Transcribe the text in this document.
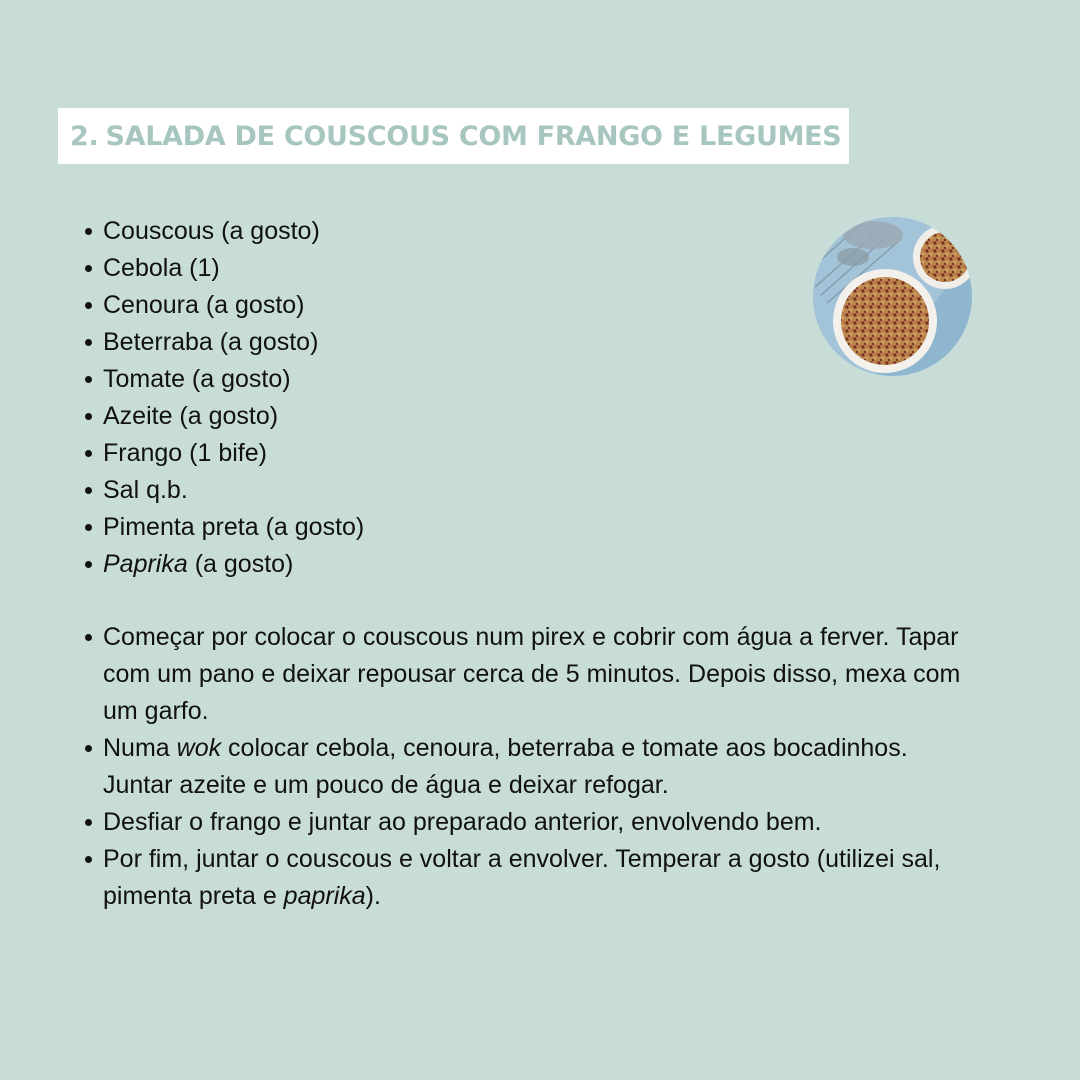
2. SALADA DE COUSCOUS COM FRANGO E LEGUMES
Couscous (a gosto)
Cebola (1)
Cenoura (a gosto)
Beterraba (a gosto)
Tomate (a gosto)
Azeite (a gosto)
Frango (1 bife)
Sal q.b.
Pimenta preta (a gosto)
Paprika (a gosto)
Começar por colocar o couscous num pirex e cobrir com água a ferver. Tapar com um pano e deixar repousar cerca de 5 minutos. Depois disso, mexa com um garfo.
Numa wok colocar cebola, cenoura, beterraba e tomate aos bocadinhos. Juntar azeite e um pouco de água e deixar refogar.
Desfiar o frango e juntar ao preparado anterior, envolvendo bem.
Por fim, juntar o couscous e voltar a envolver. Temperar a gosto (utilizei sal, pimenta preta e paprika).
